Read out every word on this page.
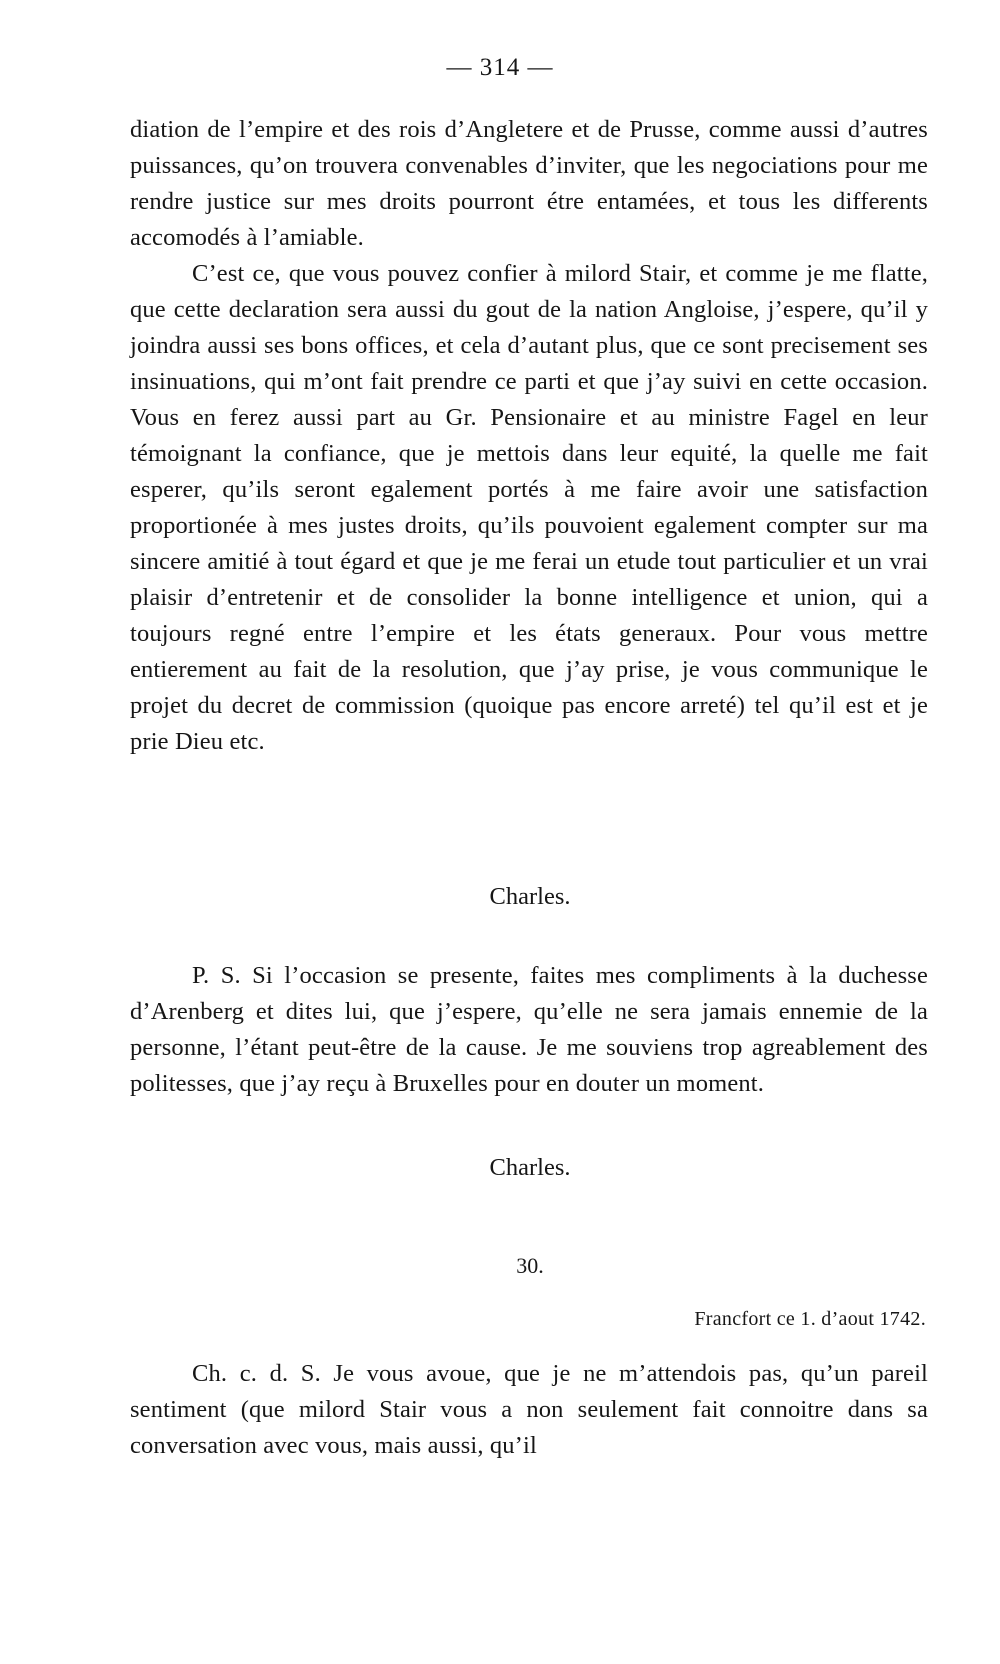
— 314 —

diation de l’empire et des rois d’Angletere et de Prusse, comme aussi d’autres puissances, qu’on trouvera convenables d’inviter, que les negociations pour me rendre justice sur mes droits pourront étre entamées, et tous les differents accomodés à l’amiable.

C’est ce, que vous pouvez confier à milord Stair, et comme je me flatte, que cette declaration sera aussi du gout de la nation Angloise, j’espere, qu’il y joindra aussi ses bons offices, et cela d’autant plus, que ce sont precisement ses insinuations, qui m’ont fait prendre ce parti et que j’ay suivi en cette occasion. Vous en ferez aussi part au Gr. Pensionaire et au ministre Fagel en leur témoignant la confiance, que je mettois dans leur equité, la quelle me fait esperer, qu’ils seront egalement portés à me faire avoir une satisfaction proportionée à mes justes droits, qu’ils pouvoient egalement compter sur ma sincere amitié à tout égard et que je me ferai un etude tout particulier et un vrai plaisir d’entretenir et de consolider la bonne intelligence et union, qui a toujours regné entre l’empire et les états generaux. Pour vous mettre entierement au fait de la resolution, que j’ay prise, je vous communique le projet du decret de commission (quoique pas encore arreté) tel qu’il est et je prie Dieu etc.

Charles.

P. S. Si l’occasion se presente, faites mes compliments à la duchesse d’Arenberg et dites lui, que j’espere, qu’elle ne sera jamais ennemie de la personne, l’étant peut-être de la cause. Je me souviens trop agreablement des politesses, que j’ay reçu à Bruxelles pour en douter un moment.

Charles.
30.
Francfort ce 1. d’aout 1742.

Ch. c. d. S. Je vous avoue, que je ne m’attendois pas, qu’un pareil sentiment (que milord Stair vous a non seulement fait connoitre dans sa conversation avec vous, mais aussi, qu’il
